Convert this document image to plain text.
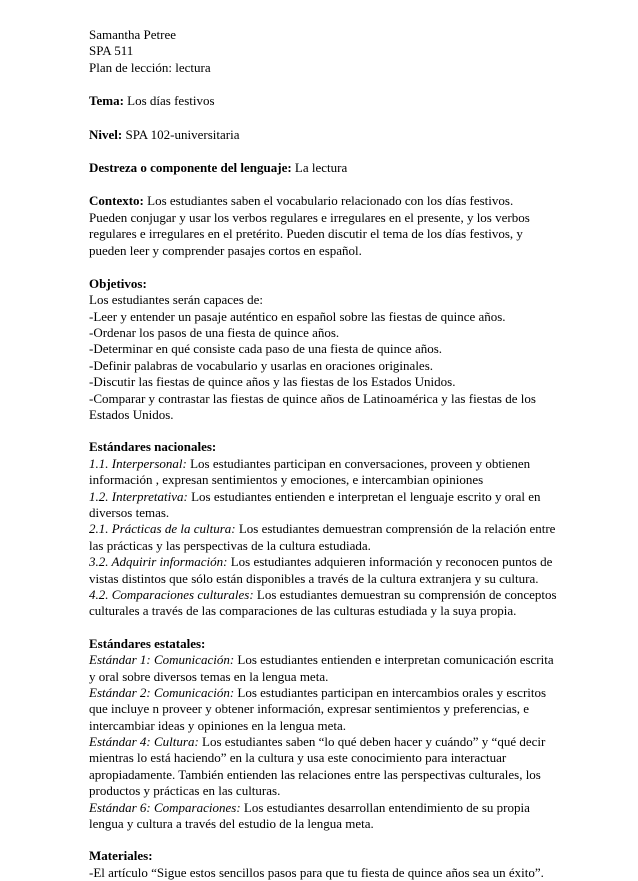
Samantha Petree
SPA 511
Plan de lección: lectura
Tema: Los días festivos
Nivel: SPA 102-universitaria
Destreza o componente del lenguaje: La lectura
Contexto: Los estudiantes saben el vocabulario relacionado con los días festivos.
Pueden conjugar y usar los verbos regulares e irregulares en el presente, y los verbos
regulares e irregulares en el pretérito. Pueden discutir el tema de los días festivos, y
pueden leer y comprender pasajes cortos en español.
Objetivos:
Los estudiantes serán capaces de:
-Leer y entender un pasaje auténtico en español sobre las fiestas de quince años.
-Ordenar los pasos de una fiesta de quince años.
-Determinar en qué consiste cada paso de una fiesta de quince años.
-Definir palabras de vocabulario y usarlas en oraciones originales.
-Discutir las fiestas de quince años y las fiestas de los Estados Unidos.
-Comparar y contrastar las fiestas de quince años de Latinoamérica y las fiestas de los
Estados Unidos.
Estándares nacionales:
1.1. Interpersonal: Los estudiantes participan en conversaciones, proveen y obtienen
información , expresan sentimientos y emociones, e intercambian opiniones
1.2. Interpretativa: Los estudiantes entienden e interpretan el lenguaje escrito y oral en
diversos temas.
2.1. Prácticas de la cultura: Los estudiantes demuestran comprensión de la relación entre
las prácticas y las perspectivas de la cultura estudiada.
3.2. Adquirir información: Los estudiantes adquieren información y reconocen puntos de
vistas distintos que sólo están disponibles a través de la cultura extranjera y su cultura.
4.2. Comparaciones culturales: Los estudiantes demuestran su comprensión de conceptos
culturales a través de las comparaciones de las culturas estudiada y la suya propia.
Estándares estatales:
Estándar 1: Comunicación: Los estudiantes entienden e interpretan comunicación escrita
y oral sobre diversos temas en la lengua meta.
Estándar 2: Comunicación: Los estudiantes participan en intercambios orales y escritos
que incluye n proveer y obtener información, expresar sentimientos y preferencias, e
intercambiar ideas y opiniones en la lengua meta.
Estándar 4: Cultura: Los estudiantes saben “lo qué deben hacer y cuándo” y “qué decir
mientras lo está haciendo” en la cultura y usa este conocimiento para interactuar
apropiadamente. También entienden las relaciones entre las perspectivas culturales, los
productos y prácticas en las culturas.
Estándar 6: Comparaciones: Los estudiantes desarrollan entendimiento de su propia
lengua y cultura a través del estudio de la lengua meta.
Materiales:
-El artículo “Sigue estos sencillos pasos para que tu fiesta de quince años sea un éxito”.
